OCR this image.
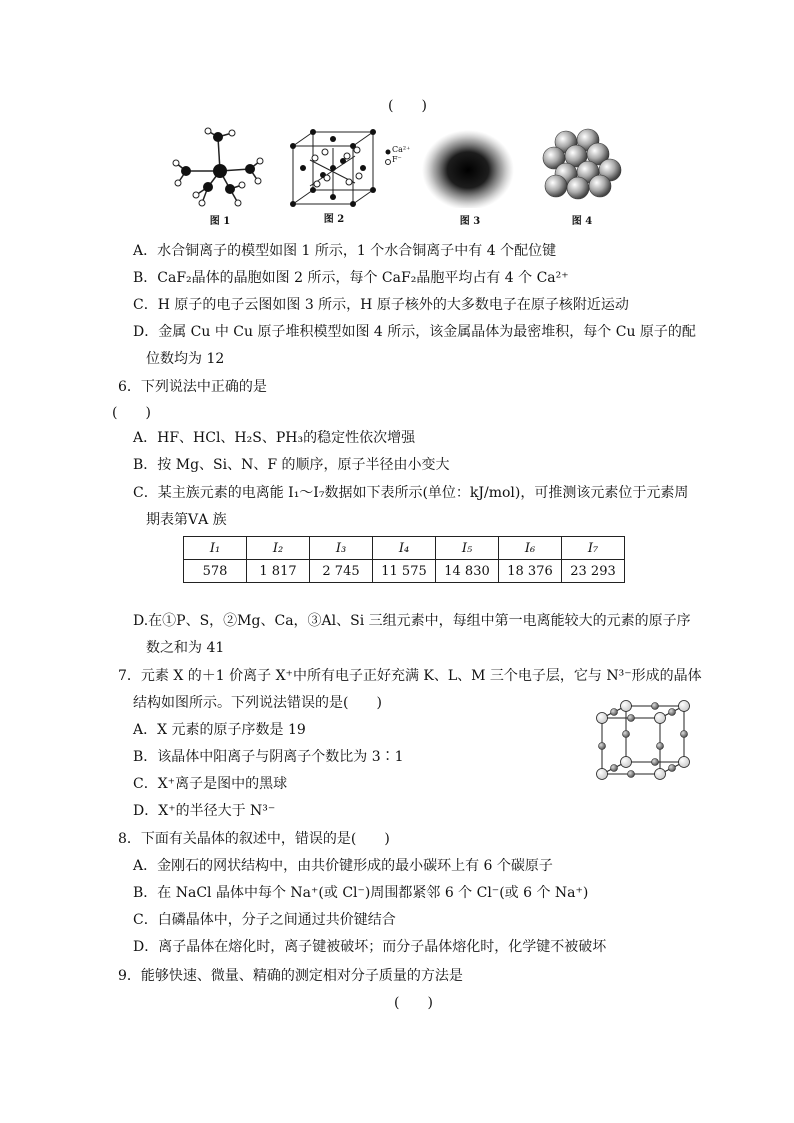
(　　)
图 1
Ca²⁺
F⁻
图 2	图 3	图 4
A．水合铜离子的模型如图 1 所示，1 个水合铜离子中有 4 个配位键
B．CaF₂晶体的晶胞如图 2 所示，每个 CaF₂晶胞平均占有 4 个 Ca²⁺
C．H 原子的电子云图如图 3 所示，H 原子核外的大多数电子在原子核附近运动
D．金属 Cu 中 Cu 原子堆积模型如图 4 所示，该金属晶体为最密堆积，每个 Cu 原子的配
位数均为 12
6．下列说法中正确的是
(　　)
A．HF、HCl、H₂S、PH₃的稳定性依次增强
B．按 Mg、Si、N、F 的顺序，原子半径由小变大
C．某主族元素的电离能 I₁～I₇数据如下表所示(单位：kJ/mol)，可推测该元素位于元素周
期表第ⅤA 族
I₁	I₂	I₃	I₄	I₅	I₆	I₇
578	1 817	2 745	11 575	14 830	18 376	23 293
D.在①P、S，②Mg、Ca，③Al、Si 三组元素中，每组中第一电离能较大的元素的原子序
数之和为 41
7．元素 X 的＋1 价离子 X⁺中所有电子正好充满 K、L、M 三个电子层，它与 N³⁻形成的晶体
结构如图所示。下列说法错误的是(　　)
A．X 元素的原子序数是 19
B．该晶体中阳离子与阴离子个数比为 3∶1
C．X⁺离子是图中的黑球
D．X⁺的半径大于 N³⁻
8．下面有关晶体的叙述中，错误的是(　　)
A．金刚石的网状结构中，由共价键形成的最小碳环上有 6 个碳原子
B．在 NaCl 晶体中每个 Na⁺(或 Cl⁻)周围都紧邻 6 个 Cl⁻(或 6 个 Na⁺)
C．白磷晶体中，分子之间通过共价键结合
D．离子晶体在熔化时，离子键被破坏；而分子晶体熔化时，化学键不被破坏
9．能够快速、微量、精确的测定相对分子质量的方法是
(　　)
